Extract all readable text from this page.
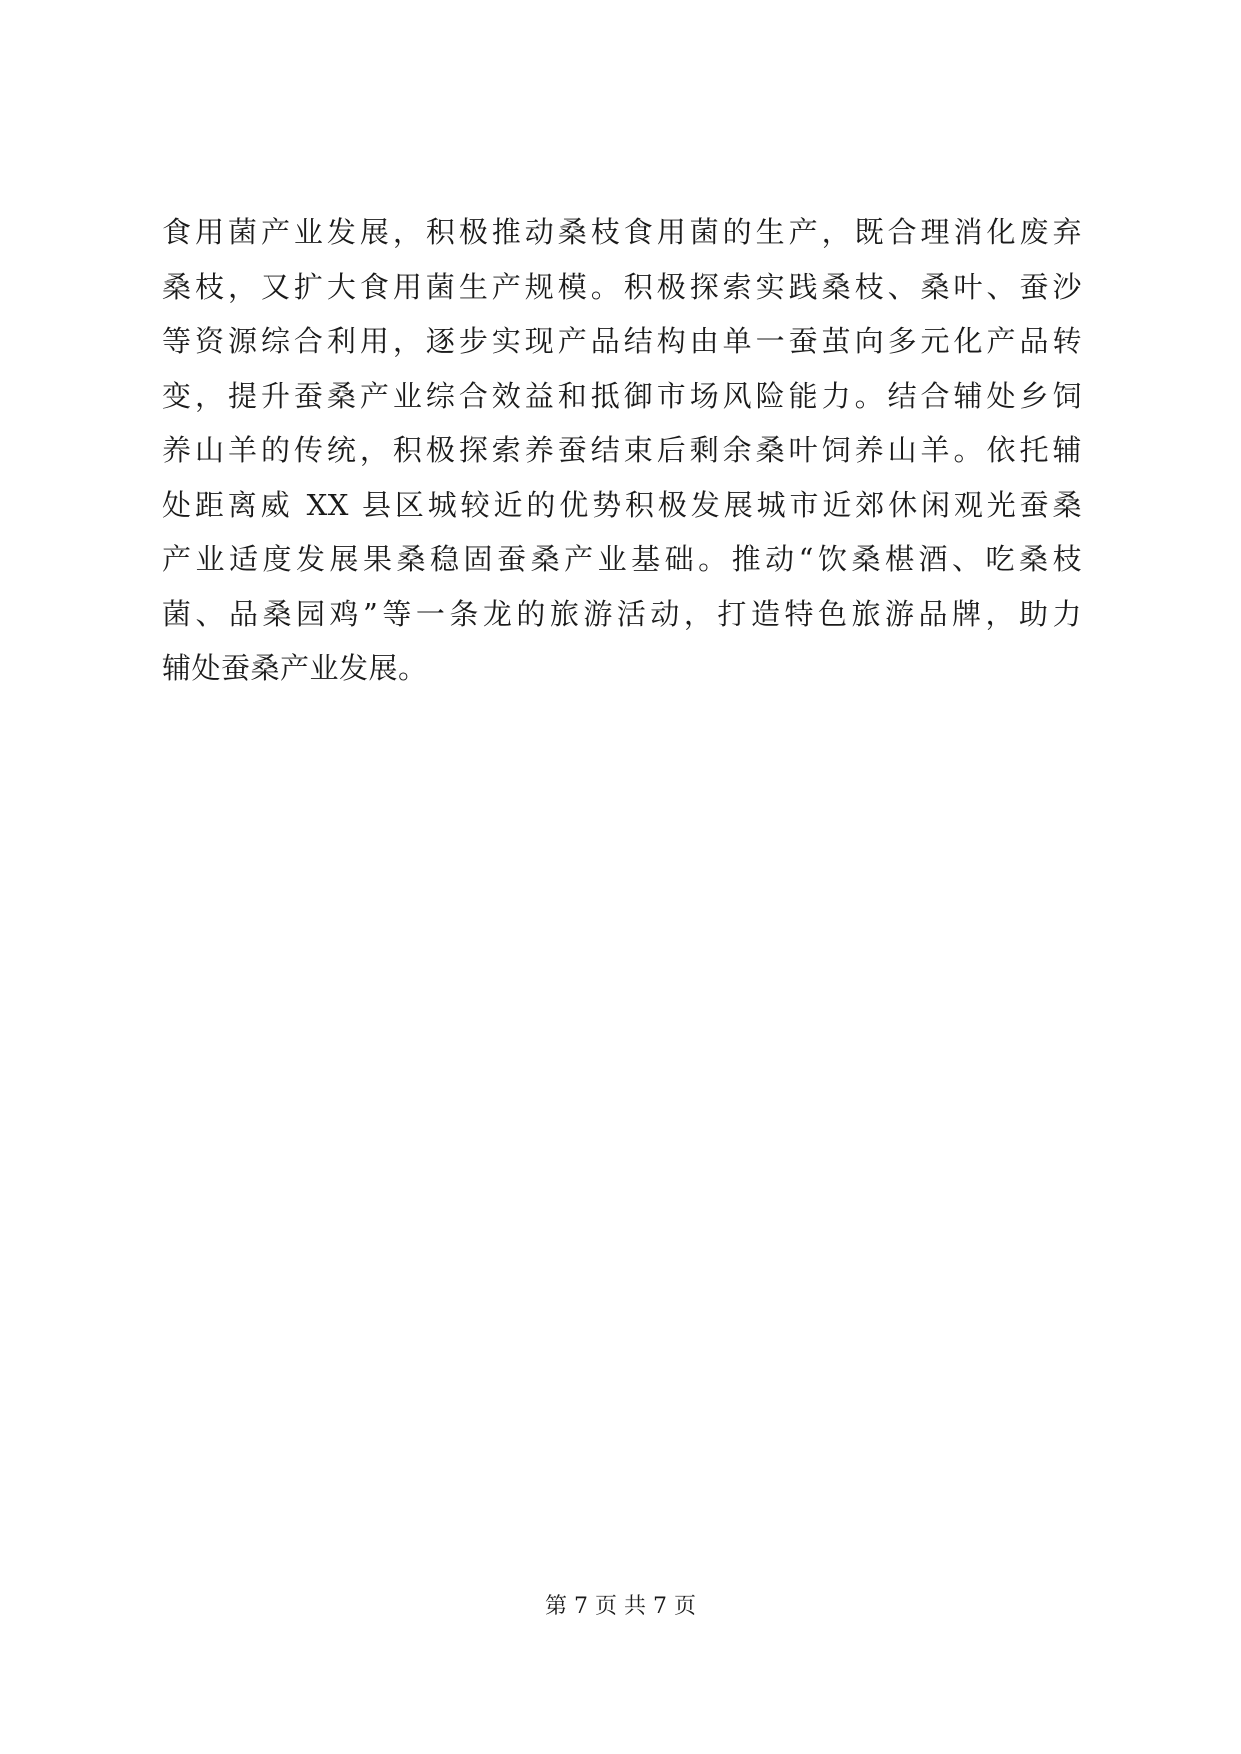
食用菌产业发展，积极推动桑枝食用菌的生产，既合理消化废弃
桑枝，又扩大食用菌生产规模。积极探索实践桑枝、桑叶、蚕沙
等资源综合利用，逐步实现产品结构由单一蚕茧向多元化产品转
变，提升蚕桑产业综合效益和抵御市场风险能力。结合辅处乡饲
养山羊的传统，积极探索养蚕结束后剩余桑叶饲养山羊。依托辅
处距离威 XX 县区城较近的优势积极发展城市近郊休闲观光蚕桑
产业适度发展果桑稳固蚕桑产业基础。推动“饮桑椹酒、吃桑枝
菌、品桑园鸡”等一条龙的旅游活动，打造特色旅游品牌，助力
辅处蚕桑产业发展。
第 7 页 共 7 页
